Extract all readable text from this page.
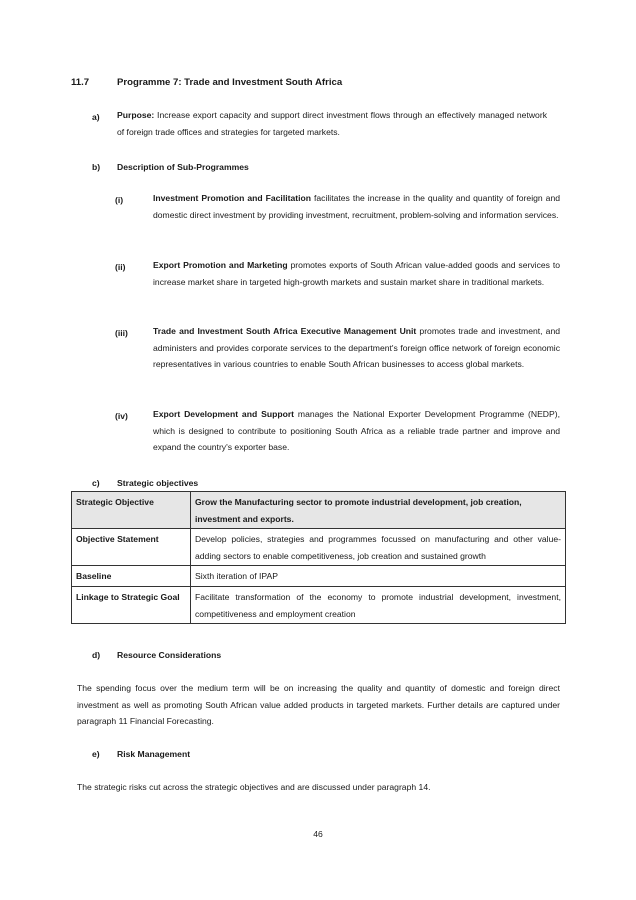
11.7	Programme 7: Trade and Investment South Africa
a) Purpose: Increase export capacity and support direct investment flows through an effectively managed network of foreign trade offices and strategies for targeted markets.
b) Description of Sub-Programmes
(i)	Investment Promotion and Facilitation facilitates the increase in the quality and quantity of foreign and domestic direct investment by providing investment, recruitment, problem-solving and information services.
(ii)	Export Promotion and Marketing promotes exports of South African value-added goods and services to increase market share in targeted high-growth markets and sustain market share in traditional markets.
(iii)	Trade and Investment South Africa Executive Management Unit promotes trade and investment, and administers and provides corporate services to the department's foreign office network of foreign economic representatives in various countries to enable South African businesses to access global markets.
(iv)	Export Development and Support manages the National Exporter Development Programme (NEDP), which is designed to contribute to positioning South Africa as a reliable trade partner and improve and expand the country's exporter base.
c) Strategic objectives
Strategic Objective	Grow the Manufacturing sector to promote industrial development, job creation, investment and exports.
Objective Statement	Develop policies, strategies and programmes focussed on manufacturing and other value-adding sectors to enable competitiveness, job creation and sustained growth
Baseline	Sixth iteration of IPAP
Linkage to Strategic Goal	Facilitate transformation of the economy to promote industrial development, investment, competitiveness and employment creation
d) Resource Considerations
The spending focus over the medium term will be on increasing the quality and quantity of domestic and foreign direct investment as well as promoting South African value added products in targeted markets. Further details are captured under paragraph 11 Financial Forecasting.
e) Risk Management
The strategic risks cut across the strategic objectives and are discussed under paragraph 14.
46
